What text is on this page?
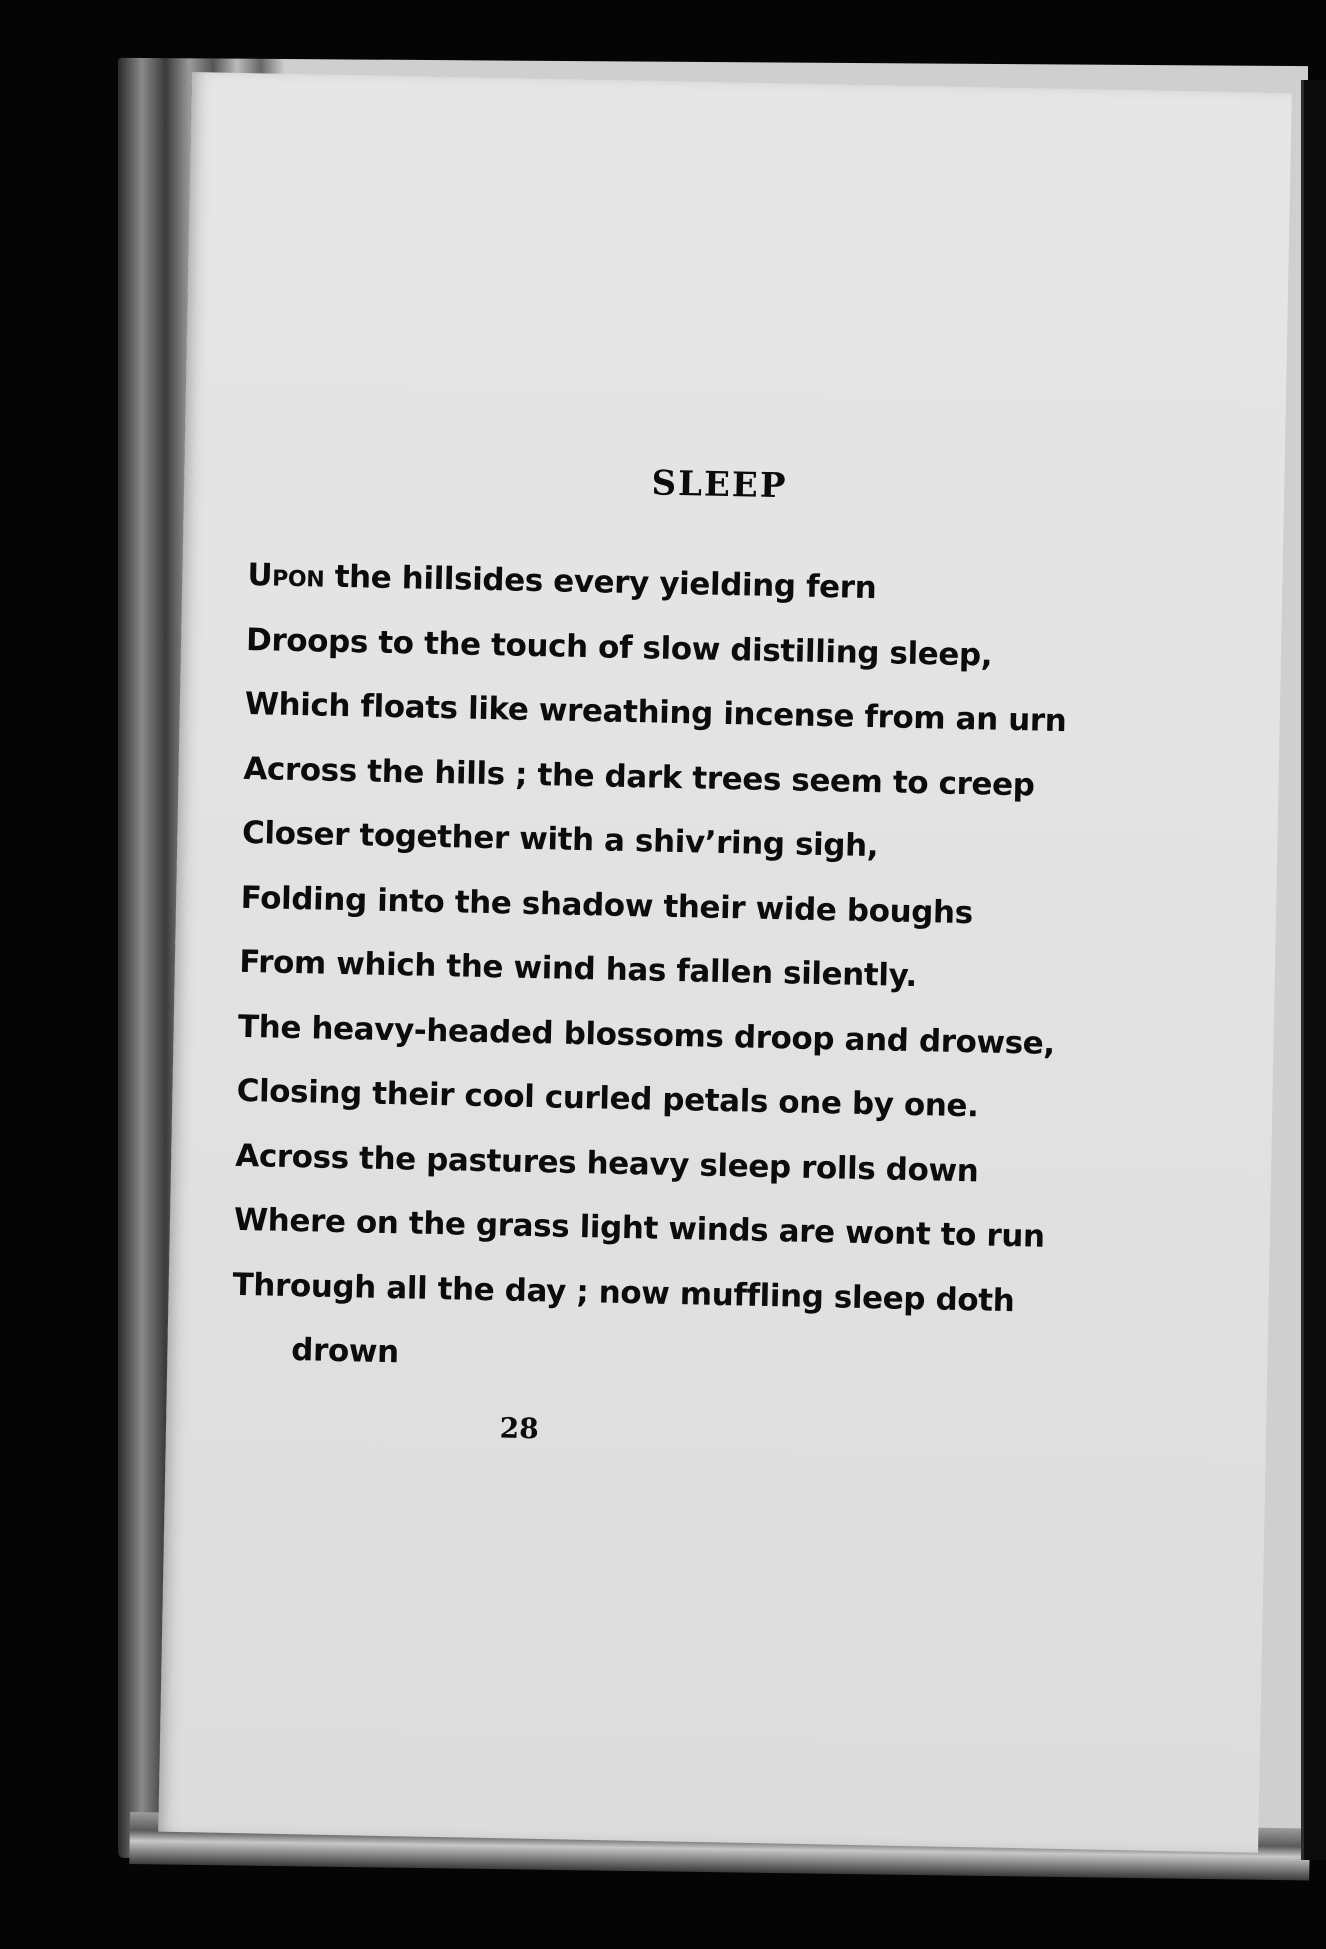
SLEEP

Upon the hillsides every yielding fern

Droops to the touch of slow distilling sleep,

Which floats like wreathing incense from an urn

Across the hills ; the dark trees seem to creep

Closer together with a shiv’ring sigh,

Folding into the shadow their wide boughs

From which the wind has fallen silently.

The heavy-headed blossoms droop and drowse,

Closing their cool curled petals one by one.

Across the pastures heavy sleep rolls down

Where on the grass light winds are wont to run

Through all the day ; now muffling sleep doth

drown

28
